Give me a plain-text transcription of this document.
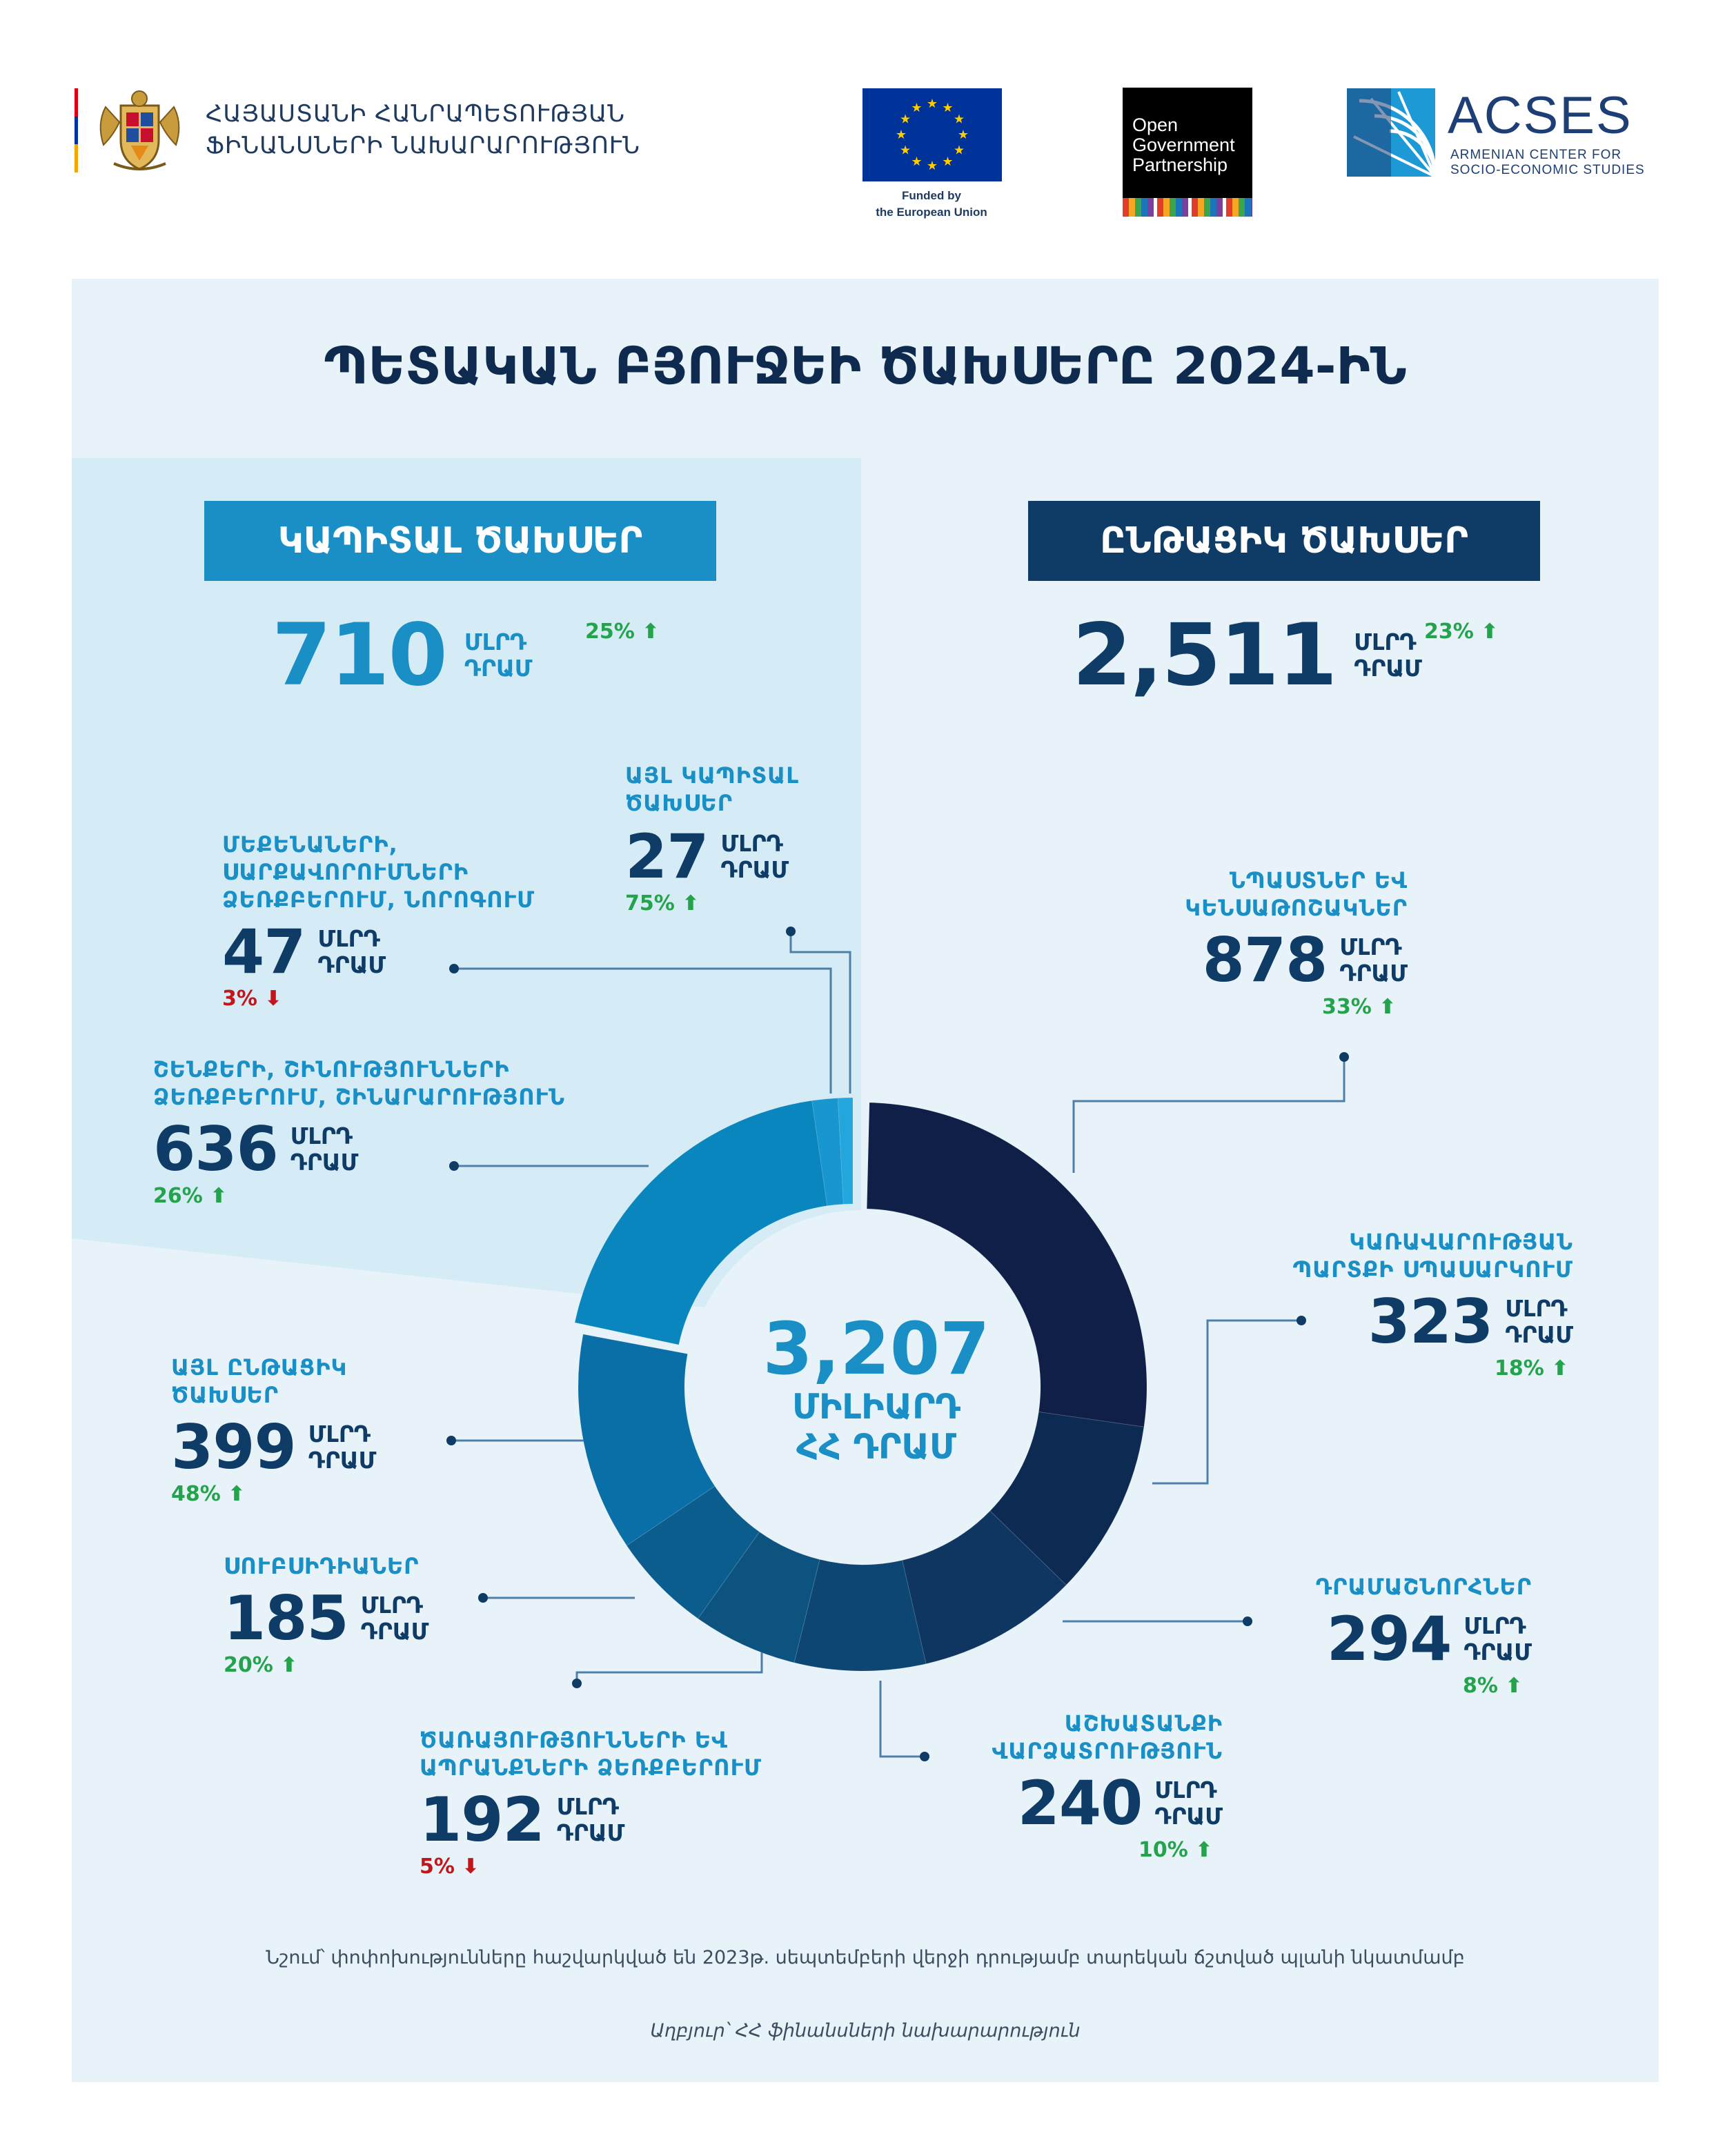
ՀԱՅԱՍՏԱՆԻ ՀԱՆՐԱՊԵՏՈՒԹՅԱՆ
ՖԻՆԱՆՍՆԵՐԻ ՆԱԽԱՐԱՐՈՒԹՅՈՒՆ	★
★
★
★
★
★
★
★
★ ★ ★
★
Funded by
the European Union
Open
Government
Partnership
ACSES
ARMENIAN CENTER FOR
SOCIO-ECONOMIC STUDIES
ՊԵՏԱԿԱՆ ԲՅՈՒՋԵԻ ԾԱԽՍԵՐԸ 2024-ԻՆ
ԿԱՊԻՏԱԼ ԾԱԽՍԵՐ	ԸՆԹԱՑԻԿ ԾԱԽՍԵՐ
710 ՄԼՐԴ
ԴՐԱՄ
25% ⬆	2,511 ՄԼՐԴ
ԴՐԱՄ
23% ⬆
3,207
ՄԻԼԻԱՐԴ
ՀՀ ԴՐԱՄ
ԱՅԼ ԿԱՊԻՏԱԼ
ԾԱԽՍԵՐ
27 ՄԼՐԴ
ԴՐԱՄ
75% ⬆
ՄԵՔԵՆԱՆԵՐԻ,
ՍԱՐՔԱՎՈՐՈՒՄՆԵՐԻ
ՁԵՌՔԲԵՐՈՒՄ, ՆՈՐՈԳՈՒՄ
47 ՄԼՐԴ
ԴՐԱՄ
3% ⬇
ՇԵՆՔԵՐԻ, ՇԻՆՈՒԹՅՈՒՆՆԵՐԻ
ՁԵՌՔԲԵՐՈՒՄ, ՇԻՆԱՐԱՐՈՒԹՅՈՒՆ
636 ՄԼՐԴ
ԴՐԱՄ
26% ⬆
ԱՅԼ ԸՆԹԱՑԻԿ
ԾԱԽՍԵՐ
399 ՄԼՐԴ
ԴՐԱՄ
48% ⬆
ՍՈՒԲՍԻԴԻԱՆԵՐ
185 ՄԼՐԴ
ԴՐԱՄ
20% ⬆
ԾԱՌԱՅՈՒԹՅՈՒՆՆԵՐԻ ԵՎ
ԱՊՐԱՆՔՆԵՐԻ ՁԵՌՔԲԵՐՈՒՄ
192 ՄԼՐԴ
ԴՐԱՄ
5% ⬇
ԱՇԽԱՏԱՆՔԻ
ՎԱՐՁԱՏՐՈՒԹՅՈՒՆ
240 ՄԼՐԴ
ԴՐԱՄ
10% ⬆
ԴՐԱՄԱՇՆՈՐՀՆԵՐ
294 ՄԼՐԴ
ԴՐԱՄ
8% ⬆
ԿԱՌԱՎԱՐՈՒԹՅԱՆ
ՊԱՐՏՔԻ ՍՊԱՍԱՐԿՈՒՄ
323 ՄԼՐԴ
ԴՐԱՄ
18% ⬆
ՆՊԱՍՏՆԵՐ ԵՎ
ԿԵՆՍԱԹՈՇԱԿՆԵՐ
878 ՄԼՐԴ
ԴՐԱՄ
33% ⬆
Նշում՝ փոփոխությունները հաշվարկված են 2023թ. սեպտեմբերի վերջի դրությամբ տարեկան ճշտված պլանի նկատմամբ
Աղբյուր՝ ՀՀ ֆինանսների նախարարություն
